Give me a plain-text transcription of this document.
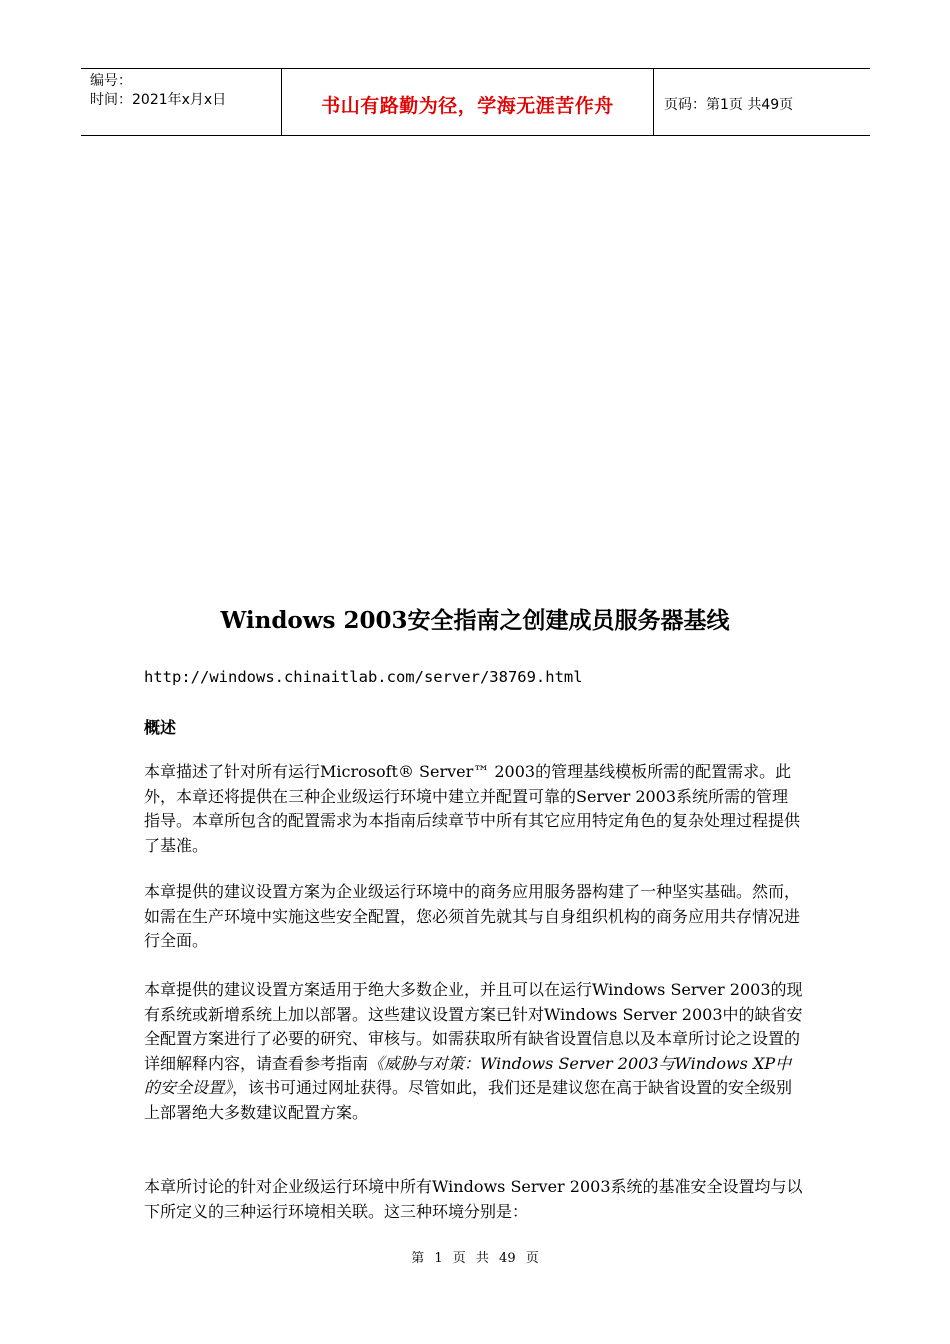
编号：
时间：2021年x月x日	书山有路勤为径，学海无涯苦作舟	页码：第1页 共49页
Windows 2003安全指南之创建成员服务器基线
http://windows.chinaitlab.com/server/38769.html
概述

本章描述了针对所有运行Microsoft® Server™ 2003的管理基线模板所需的配置需求。此外，本章还将提供在三种企业级运行环境中建立并配置可靠的Server 2003系统所需的管理指导。本章所包含的配置需求为本指南后续章节中所有其它应用特定角色的复杂处理过程提供了基准。

本章提供的建议设置方案为企业级运行环境中的商务应用服务器构建了一种坚实基础。然而，如需在生产环境中实施这些安全配置，您必须首先就其与自身组织机构的商务应用共存情况进行全面。

本章提供的建议设置方案适用于绝大多数企业，并且可以在运行Windows Server 2003的现有系统或新增系统上加以部署。这些建议设置方案已针对Windows Server 2003中的缺省安全配置方案进行了必要的研究、审核与。如需获取所有缺省设置信息以及本章所讨论之设置的详细解释内容，请查看参考指南《威胁与对策：Windows Server 2003与Windows XP中的安全设置》，该书可通过网址获得。尽管如此，我们还是建议您在高于缺省设置的安全级别上部署绝大多数建议配置方案。

本章所讨论的针对企业级运行环境中所有Windows Server 2003系统的基准安全设置均与以下所定义的三种运行环境相关联。这三种环境分别是：

第 1 页 共 49 页
